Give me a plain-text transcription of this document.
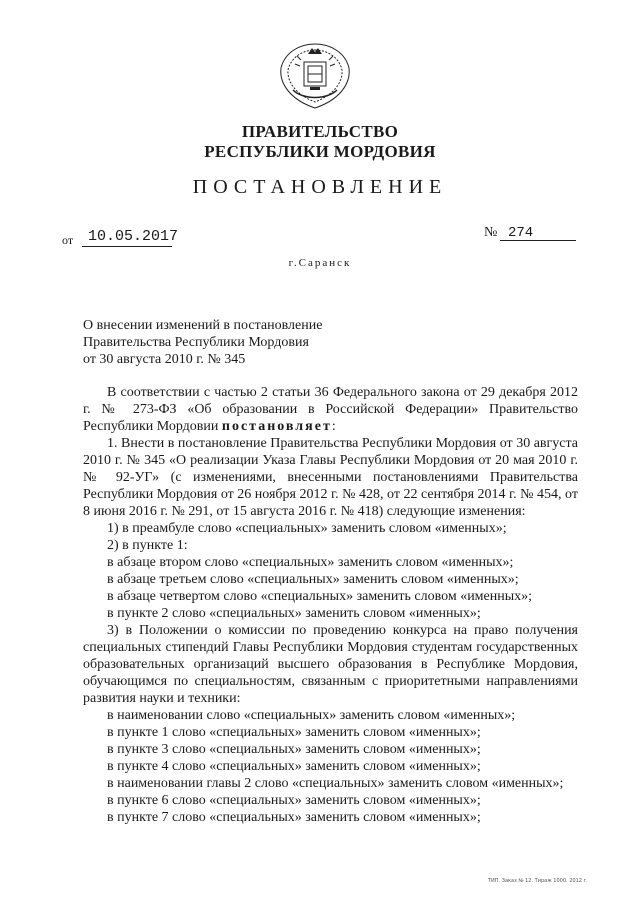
ПРАВИТЕЛЬСТВО
РЕСПУБЛИКИ МОРДОВИЯ
ПОСТАНОВЛЕНИЕ
от 10.05.2017	№ 274
г.Саранск
О внесении изменений в постановление
Правительства Республики Мордовия
от 30 августа 2010 г. № 345

В соответствии с частью 2 статьи 36 Федерального закона от 29 декабря 2012 г. № 273-ФЗ «Об образовании в Российской Федерации» Правительство Республики Мордовии постановляет:

1. Внести в постановление Правительства Республики Мордовия от 30 августа 2010 г. № 345 «О реализации Указа Главы Республики Мордовия от 20 мая 2010 г. № 92-УГ» (с изменениями, внесенными постановлениями Правительства Республики Мордовия от 26 ноября 2012 г. № 428, от 22 сентября 2014 г. № 454, от 8 июня 2016 г. № 291, от 15 августа 2016 г. № 418) следующие изменения:

1) в преамбуле слово «специальных» заменить словом «именных»;

2) в пункте 1:

в абзаце втором слово «специальных» заменить словом «именных»;

в абзаце третьем слово «специальных» заменить словом «именных»;

в абзаце четвертом слово «специальных» заменить словом «именных»;

в пункте 2 слово «специальных» заменить словом «именных»;

3) в Положении о комиссии по проведению конкурса на право получения специальных стипендий Главы Республики Мордовия студентам государственных образовательных организаций высшего образования в Республике Мордовия, обучающимся по специальностям, связанным с приоритетными направлениями развития науки и техники:

в наименовании слово «специальных» заменить словом «именных»;

в пункте 1 слово «специальных» заменить словом «именных»;

в пункте 3 слово «специальных» заменить словом «именных»;

в пункте 4 слово «специальных» заменить словом «именных»;

в наименовании главы 2 слово «специальных» заменить словом «именных»;

в пункте 6 слово «специальных» заменить словом «именных»;

в пункте 7 слово «специальных» заменить словом «именных»;

ТИП. Заказ № 12. Тираж 1000. 2012 г.
